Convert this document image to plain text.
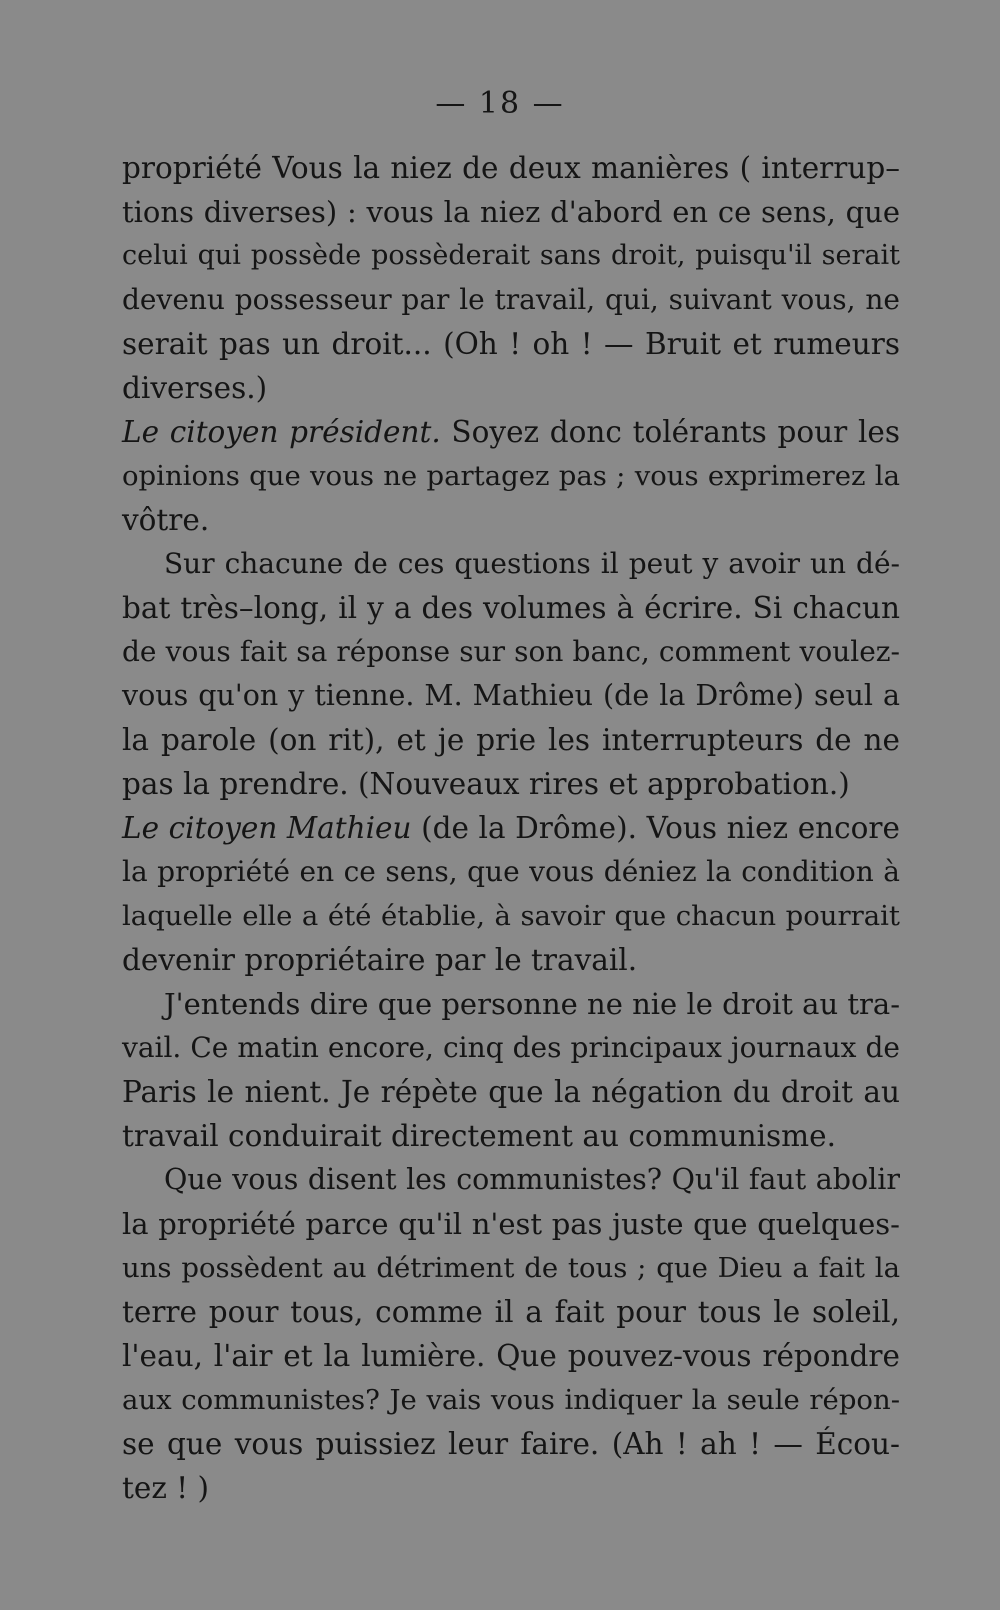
— 18 —
propriété Vous la niez de deux manières ( interrup–
tions diverses) : vous la niez d'abord en ce sens, que
celui qui possède possèderait sans droit, puisqu'il serait
devenu possesseur par le travail, qui, suivant vous, ne
serait pas un droit... (Oh ! oh ! — Bruit et rumeurs
diverses.)
Le citoyen président. Soyez donc tolérants pour les
opinions que vous ne partagez pas ; vous exprimerez la
vôtre.
Sur chacune de ces questions il peut y avoir un dé-
bat très–long, il y a des volumes à écrire. Si chacun
de vous fait sa réponse sur son banc, comment voulez-
vous qu'on y tienne. M. Mathieu (de la Drôme) seul a
la parole (on rit), et je prie les interrupteurs de ne
pas la prendre. (Nouveaux rires et approbation.)
Le citoyen Mathieu (de la Drôme). Vous niez encore
la propriété en ce sens, que vous déniez la condition à
laquelle elle a été établie, à savoir que chacun pourrait
devenir propriétaire par le travail.
J'entends dire que personne ne nie le droit au tra-
vail. Ce matin encore, cinq des principaux journaux de
Paris le nient. Je répète que la négation du droit au
travail conduirait directement au communisme.
Que vous disent les communistes? Qu'il faut abolir
la propriété parce qu'il n'est pas juste que quelques-
uns possèdent au détriment de tous ; que Dieu a fait la
terre pour tous, comme il a fait pour tous le soleil,
l'eau, l'air et la lumière. Que pouvez-vous répondre
aux communistes? Je vais vous indiquer la seule répon-
se que vous puissiez leur faire. (Ah ! ah ! — Écou-
tez ! )
